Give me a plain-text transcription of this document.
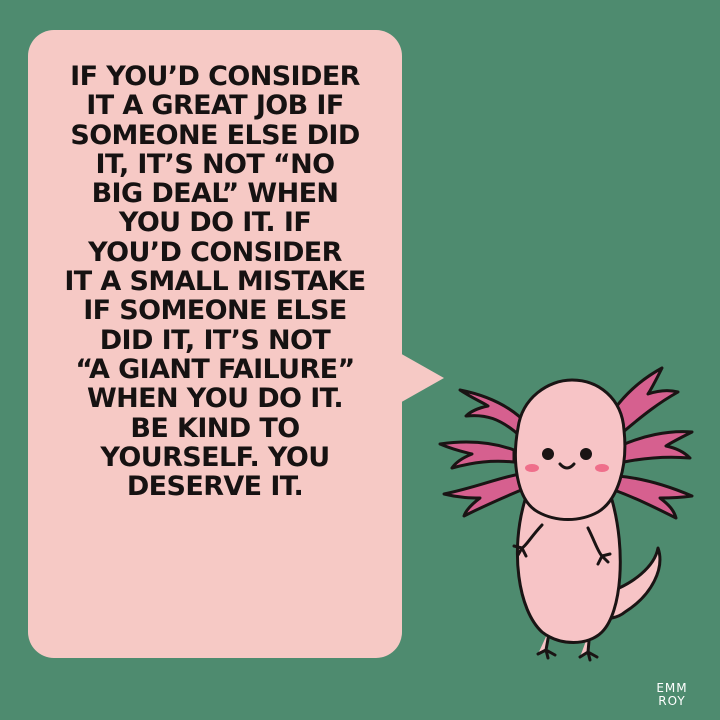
IF YOU’D CONSIDER
IT A GREAT JOB IF
SOMEONE ELSE DID
IT, IT’S NOT “NO
BIG DEAL” WHEN
YOU DO IT. IF
YOU’D CONSIDER
IT A SMALL MISTAKE
IF SOMEONE ELSE
DID IT, IT’S NOT
“A GIANT FAILURE”
WHEN YOU DO IT.
BE KIND TO
YOURSELF. YOU
DESERVE IT.

EMM
ROY
